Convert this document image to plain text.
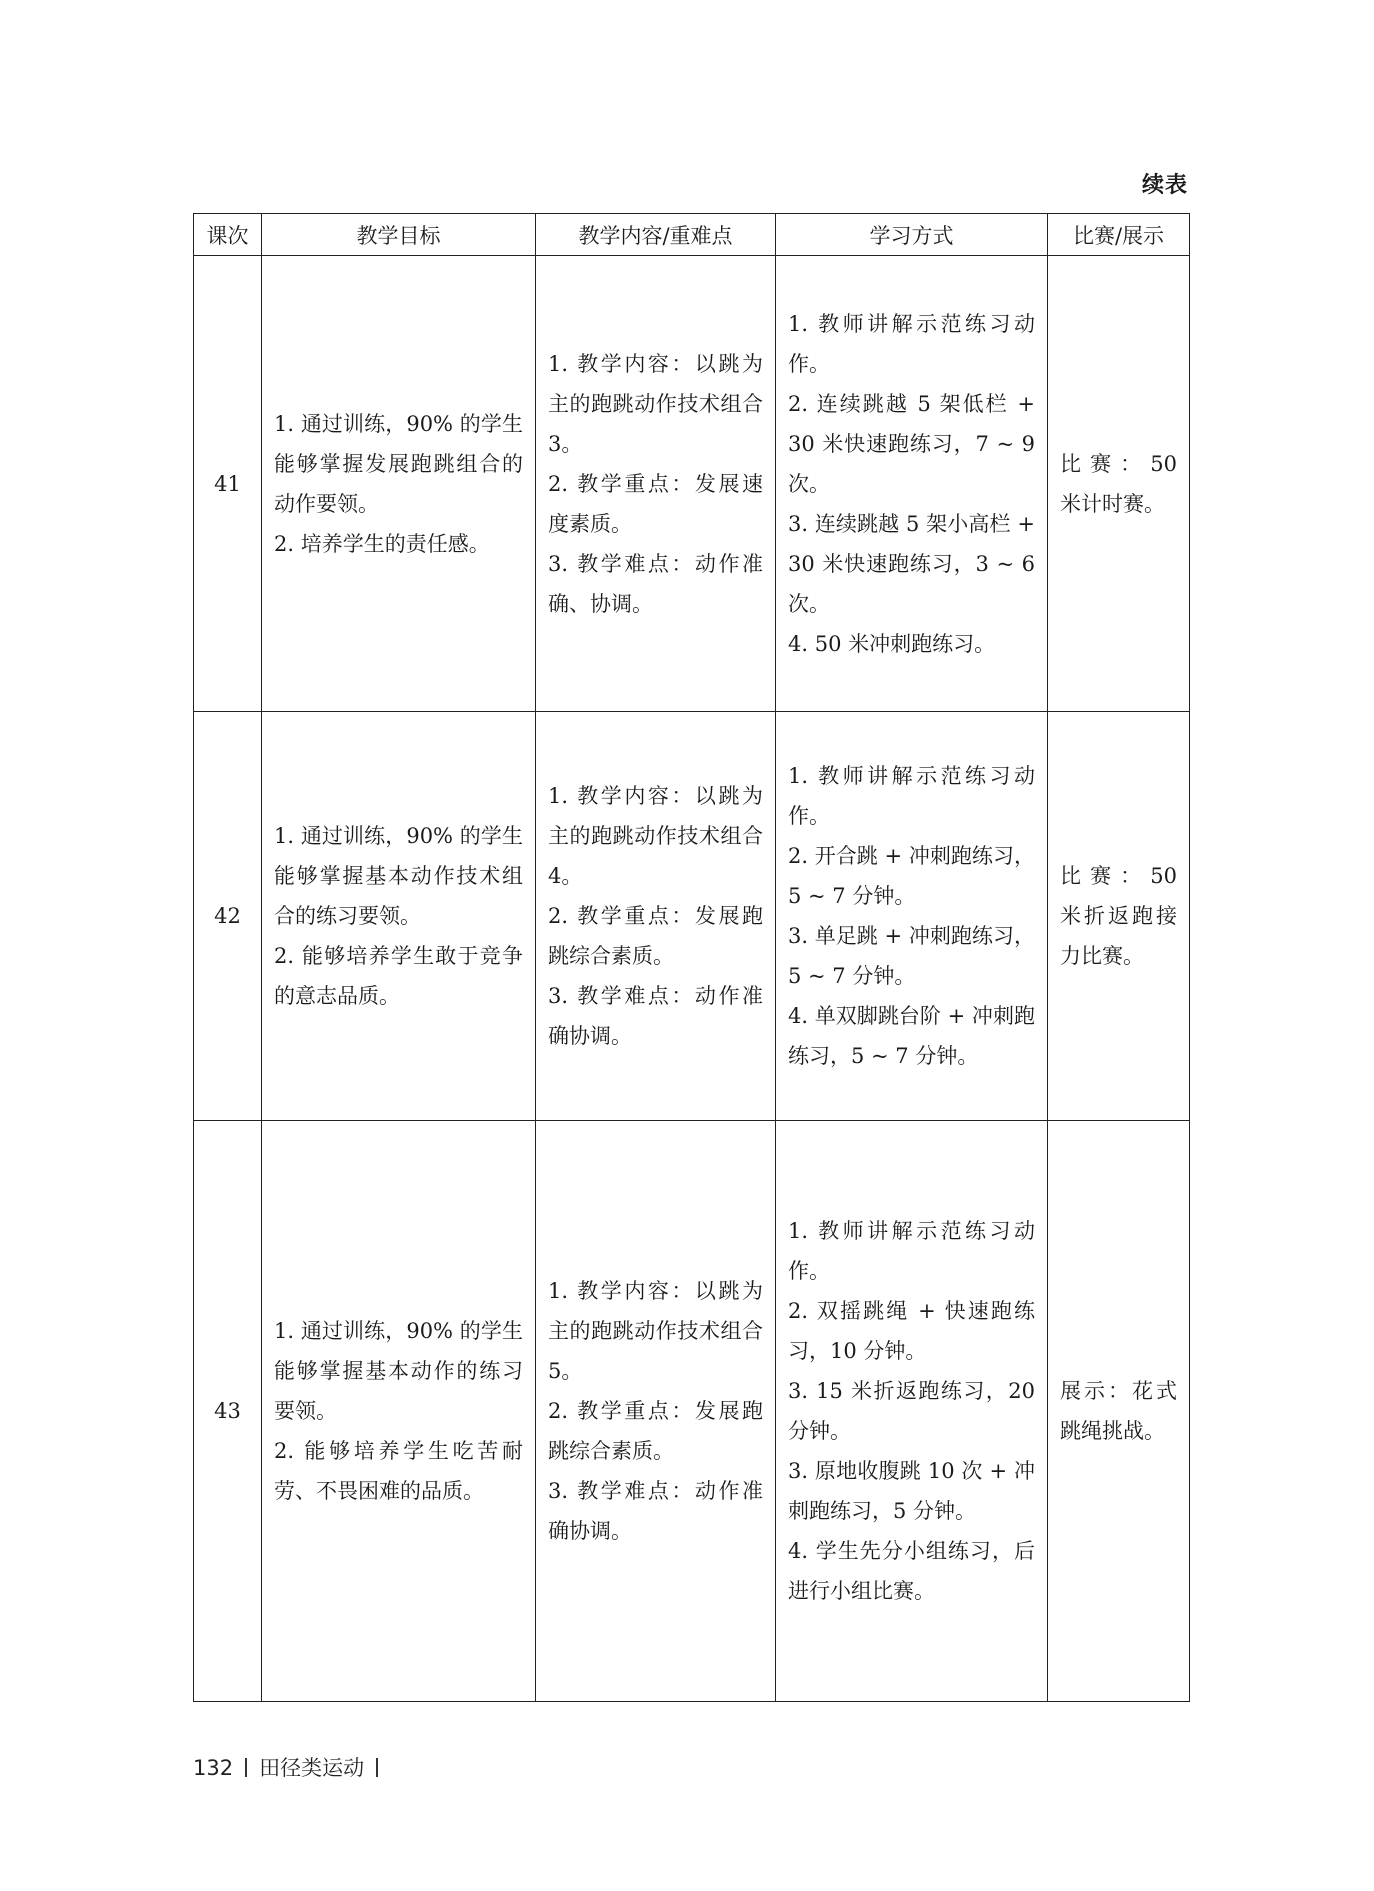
续表
课次	教学目标	教学内容/重难点	学习方式	比赛/展示
41	1. 通过训练，90% 的学生能够掌握发展跑跳组合的动作要领。
2. 培养学生的责任感。	1. 教学内容：以跳为主的跑跳动作技术组合 3。
2. 教学重点：发展速度素质。
3. 教学难点：动作准确、协调。	1. 教师讲解示范练习动作。
2. 连续跳越 5 架低栏 + 30 米快速跑练习，7 ~ 9 次。
3. 连续跳越 5 架小高栏 + 30 米快速跑练习，3 ~ 6 次。
4. 50 米冲刺跑练习。	比赛：50 米计时赛。
42	1. 通过训练，90% 的学生能够掌握基本动作技术组合的练习要领。
2. 能够培养学生敢于竞争的意志品质。	1. 教学内容：以跳为主的跑跳动作技术组合 4。
2. 教学重点：发展跑跳综合素质。
3. 教学难点：动作准确协调。	1. 教师讲解示范练习动作。
2. 开合跳 + 冲刺跑练习，5 ~ 7 分钟。
3. 单足跳 + 冲刺跑练习，5 ~ 7 分钟。
4. 单双脚跳台阶 + 冲刺跑练习，5 ~ 7 分钟。	比赛：50 米折返跑接力比赛。
43	1. 通过训练，90% 的学生能够掌握基本动作的练习要领。
2. 能够培养学生吃苦耐劳、不畏困难的品质。	1. 教学内容：以跳为主的跑跳动作技术组合 5。
2. 教学重点：发展跑跳综合素质。
3. 教学难点：动作准确协调。	1. 教师讲解示范练习动作。
2. 双摇跳绳 + 快速跑练习，10 分钟。
3. 15 米折返跑练习，20 分钟。
3. 原地收腹跳 10 次 + 冲刺跑练习，5 分钟。
4. 学生先分小组练习，后进行小组比赛。	展示：花式跳绳挑战。
132 田径类运动
